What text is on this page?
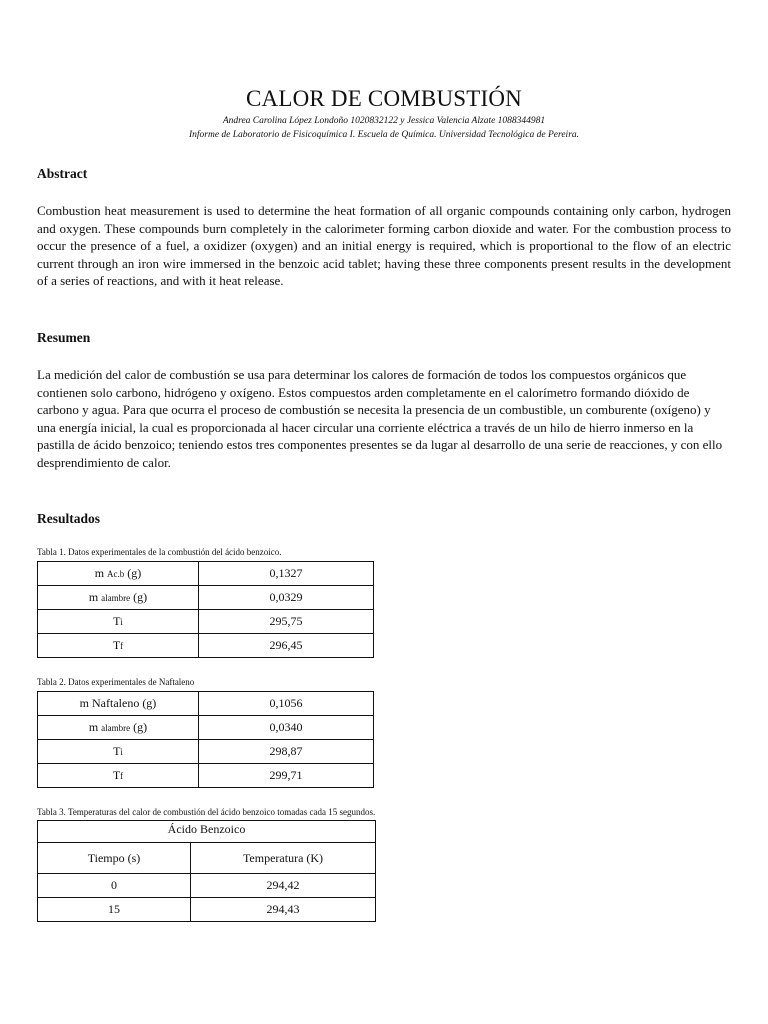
CALOR DE COMBUSTIÓN
Andrea Carolina López Londoño 1020832122 y Jessica Valencia Alzate 1088344981
Informe de Laboratorio de Fisicoquímica I. Escuela de Química. Universidad Tecnológica de Pereira.
Abstract
Combustion heat measurement is used to determine the heat formation of all organic compounds containing only carbon, hydrogen and oxygen. These compounds burn completely in the calorimeter forming carbon dioxide and water. For the combustion process to occur the presence of a fuel, a oxidizer (oxygen) and an initial energy is required, which is proportional to the flow of an electric current through an iron wire immersed in the benzoic acid tablet; having these three components present results in the development of a series of reactions, and with it heat release.
Resumen
La medición del calor de combustión se usa para determinar los calores de formación de todos los compuestos orgánicos que contienen solo carbono, hidrógeno y oxígeno. Estos compuestos arden completamente en el calorímetro formando dióxido de carbono y agua. Para que ocurra el proceso de combustión se necesita la presencia de un combustible, un comburente (oxígeno) y una energía inicial, la cual es proporcionada al hacer circular una corriente eléctrica a través de un hilo de hierro inmerso en la pastilla de ácido benzoico; teniendo estos tres componentes presentes se da lugar al desarrollo de una serie de reacciones, y con ello desprendimiento de calor.
Resultados
Tabla 1. Datos experimentales de la combustión del ácido benzoico.
m Ac.b (g)	0,1327
m alambre (g)	0,0329
Ti	295,75
Tf	296,45
Tabla 2. Datos experimentales de Naftaleno
m Naftaleno (g)	0,1056
m alambre (g)	0,0340
Ti	298,87
Tf	299,71
Tabla 3. Temperaturas del calor de combustión del ácido benzoico tomadas cada 15 segundos.
Ácido Benzoico	
Tiempo (s)	Temperatura (K)
0	294,42
15	294,43
